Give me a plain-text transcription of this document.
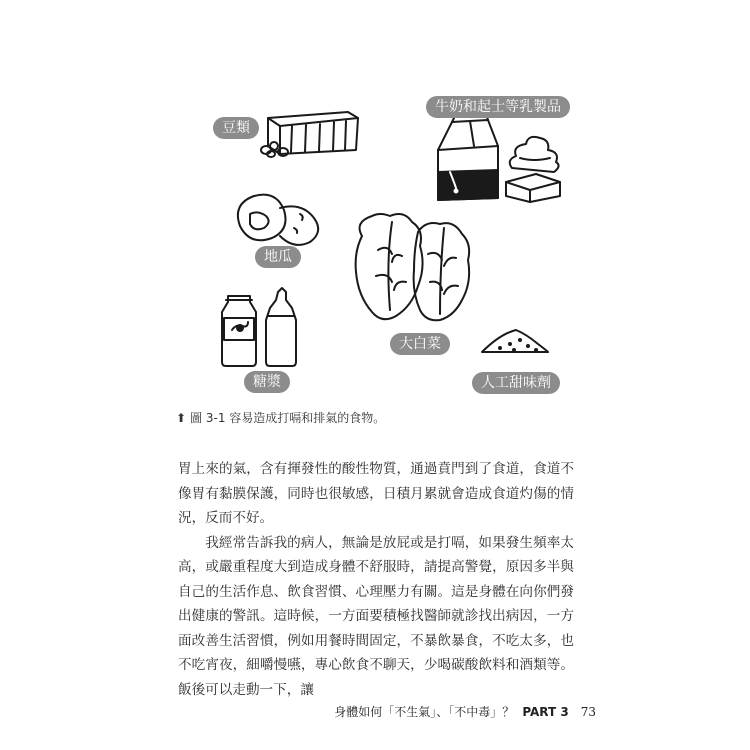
豆類
牛奶和起士等乳製品
地瓜
大白菜
糖漿	人工甜味劑
⬆ 圖 3-1 容易造成打嗝和排氣的食物。

胃上來的氣，含有揮發性的酸性物質，通過賁門到了食道，食道不像胃有黏膜保護，同時也很敏感，日積月累就會造成食道灼傷的情況，反而不好。

我經常告訴我的病人，無論是放屁或是打嗝，如果發生頻率太高，或嚴重程度大到造成身體不舒服時，請提高警覺，原因多半與自己的生活作息、飲食習慣、心理壓力有關。這是身體在向你們發出健康的警訊。這時候，一方面要積極找醫師就診找出病因，一方面改善生活習慣，例如用餐時間固定，不暴飲暴食，不吃太多，也不吃宵夜，細嚼慢嚥，專心飲食不聊天，少喝碳酸飲料和酒類等。飯後可以走動一下，讓

身體如何「不生氣」、「不中毒」？ PART 3 73
